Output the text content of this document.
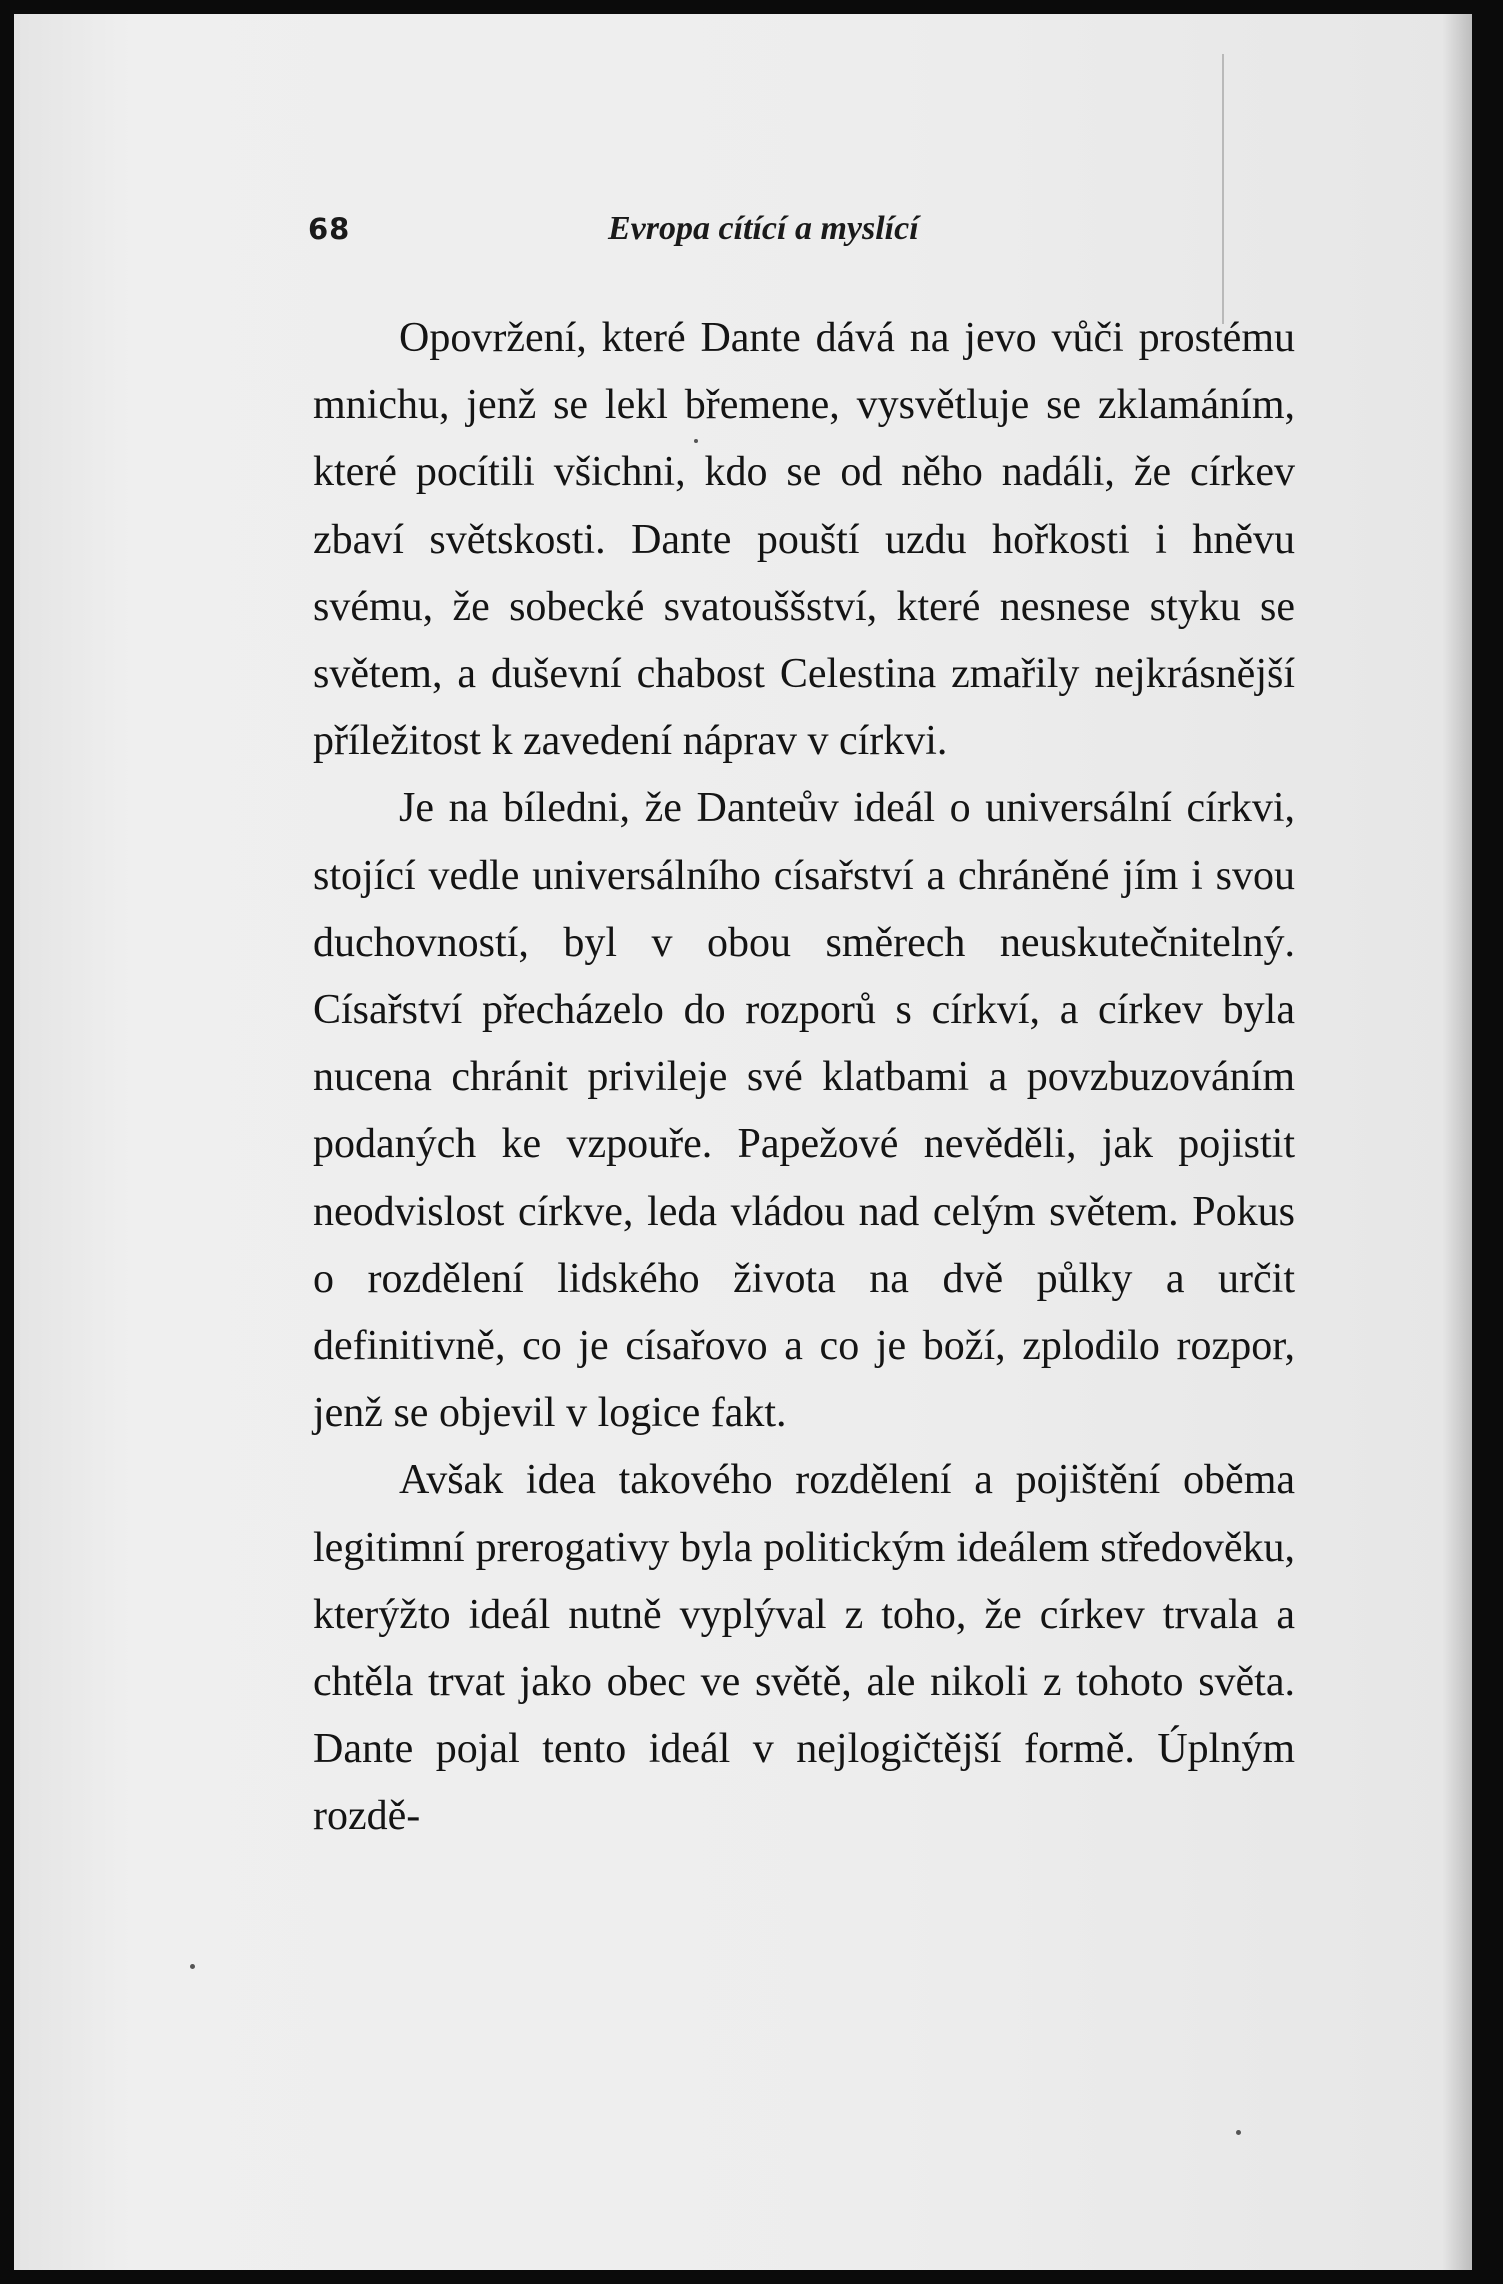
68	Evropa cítící a myslící

Opovržení, které Dante dává na jevo vůči prostému mnichu, jenž se lekl břemene, vysvětluje se zklamáním, které pocítili všichni, kdo se od něho nadáli, že církev zbaví světskosti. Dante pouští uzdu hořkosti i hněvu svému, že sobecké svatouššství, které nesnese styku se světem, a duševní chabost Celestina zmařily nejkrásnější příležitost k zavedení náprav v církvi.

Je na bíledni, že Danteův ideál o universální církvi, stojící vedle universálního císařství a chráněné jím i svou duchovností, byl v obou směrech neuskutečnitelný. Císařství přecházelo do rozporů s církví, a církev byla nucena chránit privileje své klatbami a povzbuzováním podaných ke vzpouře. Papežové nevěděli, jak pojistit neodvislost církve, leda vládou nad celým světem. Pokus o rozdělení lidského života na dvě půlky a určit definitivně, co je císařovo a co je boží, zplodilo rozpor, jenž se objevil v logice fakt.

Avšak idea takového rozdělení a pojištění oběma legitimní prerogativy byla politickým ideálem středověku, kterýžto ideál nutně vyplýval z toho, že církev trvala a chtěla trvat jako obec ve světě, ale nikoli z tohoto světa. Dante pojal tento ideál v nejlogičtější formě. Úplným rozdě-
